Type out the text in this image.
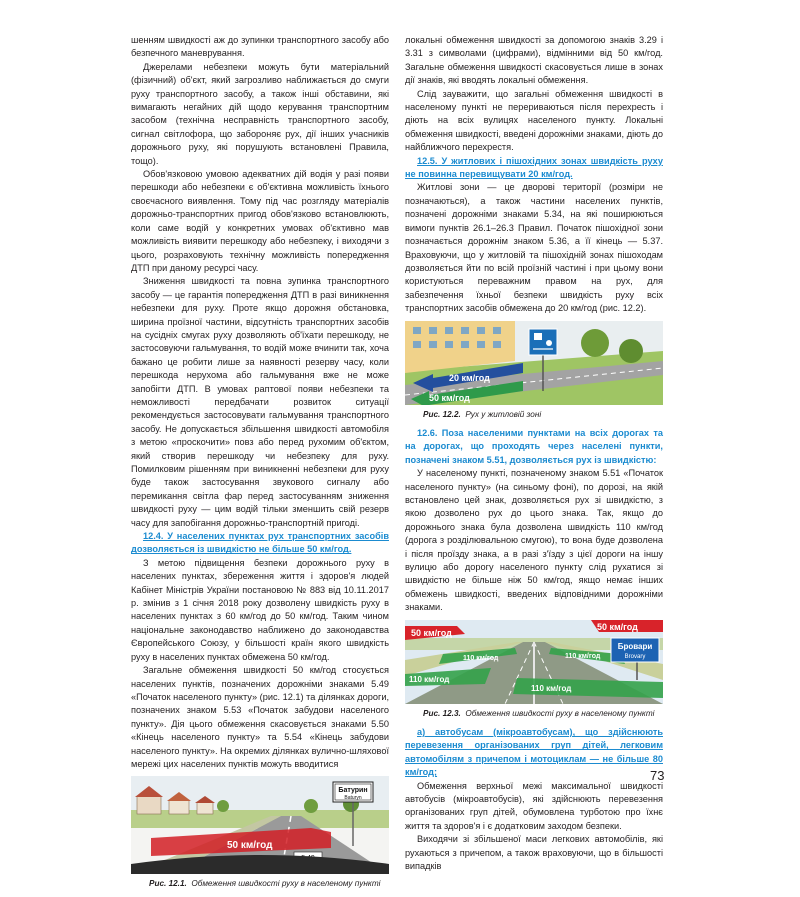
шенням швидкості аж до зупинки транспортного засобу або безпечного маневрування.

Джерелами небезпеки можуть бути матеріальний (фізичний) об'єкт, який загрозливо наближається до смуги руху транспортного засобу, а також інші обставини, які вимагають негайних дій щодо керування транспортним засобом (технічна несправність транспортного засобу, сигнал світлофора, що забороняє рух, дії інших учасників дорожнього руху, які порушують встановлені Правила, тощо).

Обов'язковою умовою адекватних дій водія у разі появи перешкоди або небезпеки є об'єктивна можливість їхнього своєчасного виявлення. Тому під час розгляду матеріалів дорожньо-транспортних пригод обов'язково встановлюють, коли саме водій у конкретних умовах об'єктивно мав можливість виявити перешкоду або небезпеку, і виходячи з цього, розраховують технічну можливість попередження ДТП при даному ресурсі часу.

Зниження швидкості та повна зупинка транспортного засобу — це гарантія попередження ДТП в разі виникнення небезпеки для руху. Проте якщо дорожня обстановка, ширина проїзної частини, відсутність транспортних засобів на сусідніх смугах руху дозволяють об'їхати перешкоду, не застосовуючи гальмування, то водій може вчинити так, хоча бажано це робити лише за наявності резерву часу, коли перешкода нерухома або гальмування вже не може запобігти ДТП. В умовах раптової появи небезпеки та неможливості передбачати розвиток ситуації рекомендується застосовувати гальмування транспортного засобу. Не допускається збільшення швидкості автомобіля з метою «проскочити» повз або перед рухомим об'єктом, який створив перешкоду чи небезпеку для руху. Помилковим рішенням при виникненні небезпеки для руху буде також застосування звукового сигналу або перемикання світла фар перед застосуванням зниження швидкості руху — цим водій тільки зменшить свій резерв часу для запобігання дорожньо-транспортній пригоді.

12.4. У населених пунктах рух транспортних засобів дозволяється із швидкістю не більше 50 км/год.

З метою підвищення безпеки дорожнього руху в населених пунктах, збереження життя і здоров'я людей Кабінет Міністрів України постановою № 883 від 10.11.2017 р. змінив з 1 січня 2018 року дозволену швидкість руху в населених пунктах з 60 км/год до 50 км/год. Таким чином національне законодавство наближено до законодавства Європейського Союзу, у більшості країн якого швидкість руху в населених пунктах обмежена 50 км/год.

Загальне обмеження швидкості 50 км/год стосується населених пунктів, позначених дорожніми знаками 5.49 «Початок населеного пункту» (рис. 12.1) та ділянках дороги, позначених знаком 5.53 «Початок забудови населеного пункту». Дія цього обмеження скасовується знаками 5.50 «Кінець населеного пункту» та 5.54 «Кінець забудови населеного пункту». На окремих ділянках вулично-шляхової мережі цих населених пунктів можуть вводитися

50 км/год
Батурин
Baturyn

Рис. 12.1. Обмеження швидкості руху в населеному пункті

локальні обмеження швидкості за допомогою знаків 3.29 і 3.31 з символами (цифрами), відмінними від 50 км/год. Загальне обмеження швидкості скасовується лише в зонах дії знаків, які вводять локальні обмеження.

Слід зауважити, що загальні обмеження швидкості в населеному пункті не перериваються після перехресть і діють на всіх вулицях населеного пункту. Локальні обмеження швидкості, введені дорожніми знаками, діють до найближчого перехрестя.

12.5. У житлових і пішохідних зонах швидкість руху не повинна перевищувати 20 км/год.

Житлові зони — це дворові території (розміри не позначаються), а також частини населених пунктів, позначені дорожніми знаками 5.34, на які поширюються вимоги пунктів 26.1–26.3 Правил. Початок пішохідної зони позначається дорожнім знаком 5.36, а її кінець — 5.37. Враховуючи, що у житловій та пішохідній зонах пішоходам дозволяється йти по всій проїзній частині і при цьому вони користуються переважним правом на рух, для забезпечення їхньої безпеки швидкість руху всіх транспортних засобів обмежена до 20 км/год (рис. 12.2).

20 км/год
50 км/год

Рис. 12.2. Рух у житловій зоні

12.6. Поза населеними пунктами на всіх дорогах та на дорогах, що проходять через населені пункти, позначені знаком 5.51, дозволяється рух із швидкістю:

У населеному пункті, позначеному знаком 5.51 «Початок населеного пункту» (на синьому фоні), по дорозі, на якій встановлено цей знак, дозволяється рух зі швидкістю, з якою дозволено рух до цього знака. Так, якщо до дорожнього знака була дозволена швидкість 110 км/год (дорога з розділювальною смугою), то вона буде дозволена і після проїзду знака, а в разі з'їзду з цієї дороги на іншу вулицю або дорогу населеного пункту слід рухатися зі швидкістю не більше ніж 50 км/год, якщо немає інших обмежень швидкості, введених відповідними дорожніми знаками.

50 км/год
50 км/год
110 км/год	110 км/год
110 км/год
110 км/год
Бровари
Brovary

Рис. 12.3. Обмеження швидкості руху в населеному пункті

а) автобусам (мікроавтобусам), що здійснюють перевезення організованих груп дітей, легковим автомобілям з причепом і мотоциклам — не більше 80 км/год;

Обмеження верхньої межі максимальної швидкості автобусів (мікроавтобусів), які здійснюють перевезення організованих груп дітей, обумовлена турботою про їхнє життя та здоров'я і є додатковим заходом безпеки.

Виходячи зі збільшеної маси легкових автомобілів, які рухаються з причепом, а також враховуючи, що в більшості випадків

73
